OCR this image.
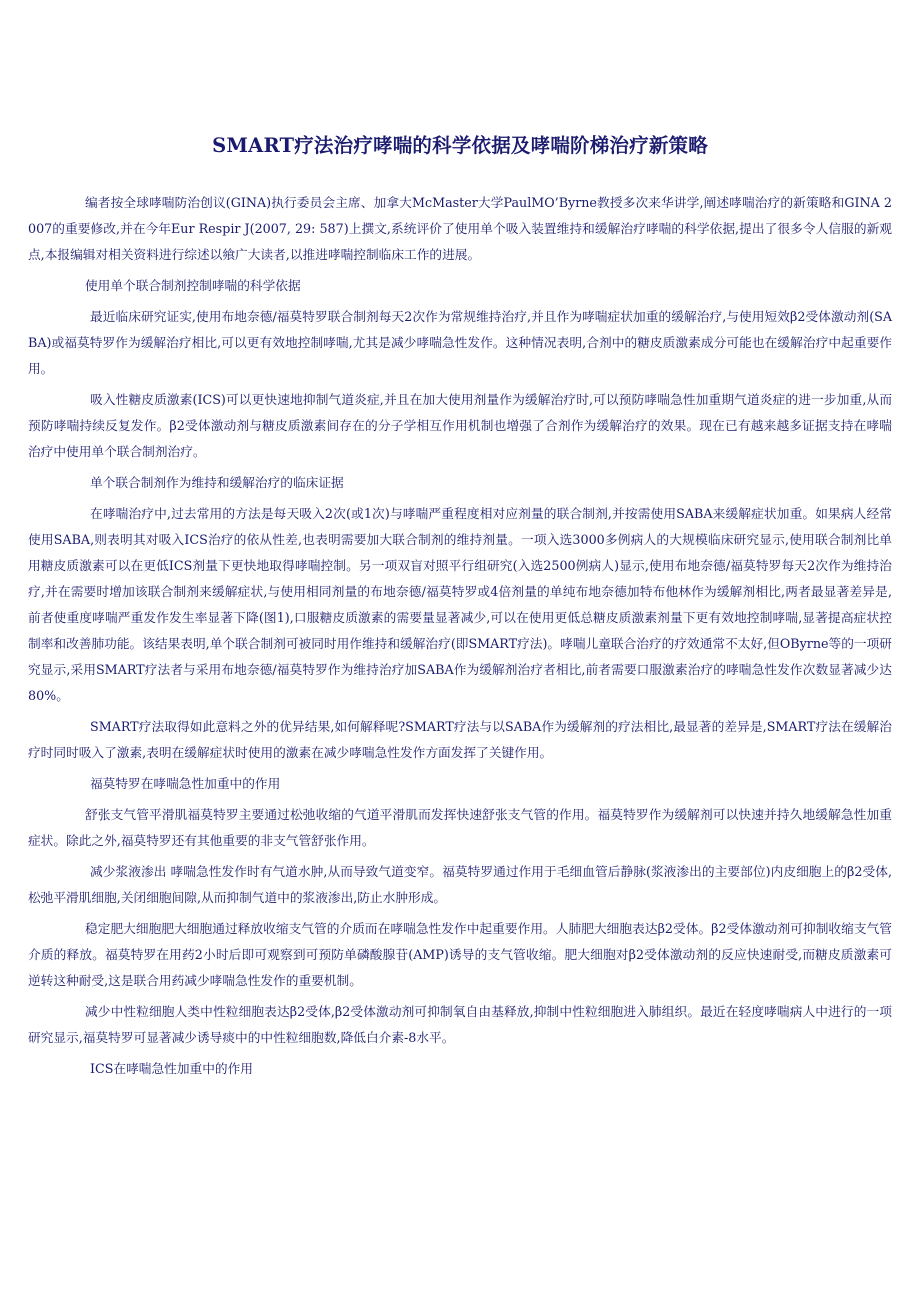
SMART疗法治疗哮喘的科学依据及哮喘阶梯治疗新策略

编者按全球哮喘防治创议(GINA)执行委员会主席、加拿大McMaster大学PaulMO’Byrne教授多次来华讲学,阐述哮喘治疗的新策略和GINA 2007的重要修改,并在今年Eur Respir J(2007, 29: 587)上撰文,系统评价了使用单个吸入装置维持和缓解治疗哮喘的科学依据,提出了很多令人信服的新观点,本报编辑对相关资料进行综述以飨广大读者,以推进哮喘控制临床工作的进展。

使用单个联合制剂控制哮喘的科学依据

最近临床研究证实,使用布地奈德/福莫特罗联合制剂每天2次作为常规维持治疗,并且作为哮喘症状加重的缓解治疗,与使用短效β2受体激动剂(SABA)或福莫特罗作为缓解治疗相比,可以更有效地控制哮喘,尤其是减少哮喘急性发作。这种情况表明,合剂中的糖皮质激素成分可能也在缓解治疗中起重要作用。

吸入性糖皮质激素(ICS)可以更快速地抑制气道炎症,并且在加大使用剂量作为缓解治疗时,可以预防哮喘急性加重期气道炎症的进一步加重,从而预防哮喘持续反复发作。β2受体激动剂与糖皮质激素间存在的分子学相互作用机制也增强了合剂作为缓解治疗的效果。现在已有越来越多证据支持在哮喘治疗中使用单个联合制剂治疗。

单个联合制剂作为维持和缓解治疗的临床证据

在哮喘治疗中,过去常用的方法是每天吸入2次(或1次)与哮喘严重程度相对应剂量的联合制剂,并按需使用SABA来缓解症状加重。如果病人经常使用SABA,则表明其对吸入ICS治疗的依从性差,也表明需要加大联合制剂的维持剂量。一项入选3000多例病人的大规模临床研究显示,使用联合制剂比单用糖皮质激素可以在更低ICS剂量下更快地取得哮喘控制。另一项双盲对照平行组研究(入选2500例病人)显示,使用布地奈德/福莫特罗每天2次作为维持治疗,并在需要时增加该联合制剂来缓解症状,与使用相同剂量的布地奈德/福莫特罗或4倍剂量的单纯布地奈德加特布他林作为缓解剂相比,两者最显著差异是,前者使重度哮喘严重发作发生率显著下降(图1),口服糖皮质激素的需要量显著减少,可以在使用更低总糖皮质激素剂量下更有效地控制哮喘,显著提高症状控制率和改善肺功能。该结果表明,单个联合制剂可被同时用作维持和缓解治疗(即SMART疗法)。哮喘儿童联合治疗的疗效通常不太好,但OByrne等的一项研究显示,采用SMART疗法者与采用布地奈德/福莫特罗作为维持治疗加SABA作为缓解剂治疗者相比,前者需要口服激素治疗的哮喘急性发作次数显著减少达80%。

SMART疗法取得如此意料之外的优异结果,如何解释呢?SMART疗法与以SABA作为缓解剂的疗法相比,最显著的差异是,SMART疗法在缓解治疗时同时吸入了激素,表明在缓解症状时使用的激素在减少哮喘急性发作方面发挥了关键作用。

福莫特罗在哮喘急性加重中的作用

舒张支气管平滑肌福莫特罗主要通过松弛收缩的气道平滑肌而发挥快速舒张支气管的作用。福莫特罗作为缓解剂可以快速并持久地缓解急性加重症状。除此之外,福莫特罗还有其他重要的非支气管舒张作用。

减少浆液渗出 哮喘急性发作时有气道水肿,从而导致气道变窄。福莫特罗通过作用于毛细血管后静脉(浆液渗出的主要部位)内皮细胞上的β2受体,松弛平滑肌细胞,关闭细胞间隙,从而抑制气道中的浆液渗出,防止水肿形成。

稳定肥大细胞肥大细胞通过释放收缩支气管的介质而在哮喘急性发作中起重要作用。人肺肥大细胞表达β2受体。β2受体激动剂可抑制收缩支气管介质的释放。福莫特罗在用药2小时后即可观察到可预防单磷酸腺苷(AMP)诱导的支气管收缩。肥大细胞对β2受体激动剂的反应快速耐受,而糖皮质激素可逆转这种耐受,这是联合用药减少哮喘急性发作的重要机制。

减少中性粒细胞人类中性粒细胞表达β2受体,β2受体激动剂可抑制氧自由基释放,抑制中性粒细胞进入肺组织。最近在轻度哮喘病人中进行的一项研究显示,福莫特罗可显著减少诱导痰中的中性粒细胞数,降低白介素-8水平。

ICS在哮喘急性加重中的作用
